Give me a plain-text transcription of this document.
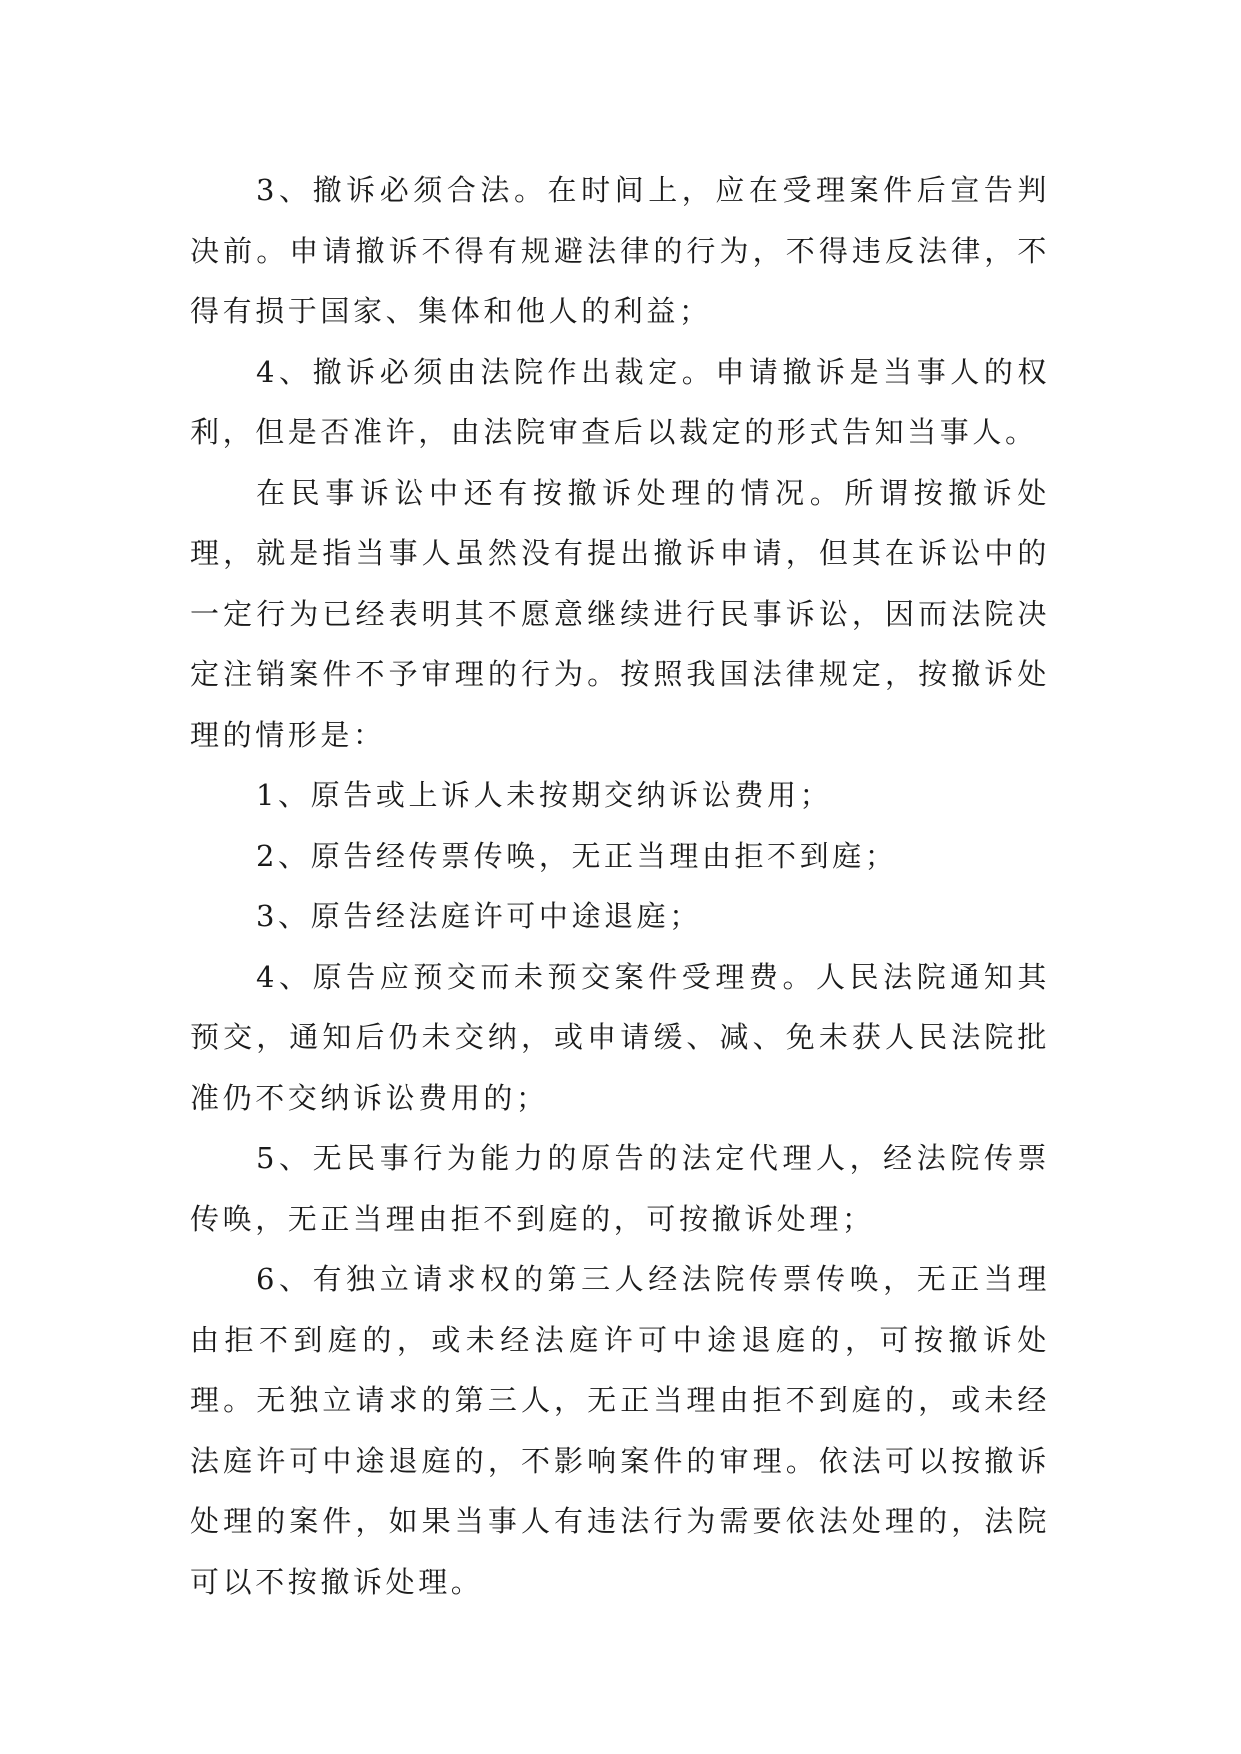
3、撤诉必须合法。在时间上，应在受理案件后宣告判决前。申请撤诉不得有规避法律的行为，不得违反法律，不得有损于国家、集体和他人的利益；

4、撤诉必须由法院作出裁定。申请撤诉是当事人的权利，但是否准许，由法院审查后以裁定的形式告知当事人。

在民事诉讼中还有按撤诉处理的情况。所谓按撤诉处理，就是指当事人虽然没有提出撤诉申请，但其在诉讼中的一定行为已经表明其不愿意继续进行民事诉讼，因而法院决定注销案件不予审理的行为。按照我国法律规定，按撤诉处理的情形是：

1、原告或上诉人未按期交纳诉讼费用；

2、原告经传票传唤，无正当理由拒不到庭；

3、原告经法庭许可中途退庭；

4、原告应预交而未预交案件受理费。人民法院通知其预交，通知后仍未交纳，或申请缓、减、免未获人民法院批准仍不交纳诉讼费用的；

5、无民事行为能力的原告的法定代理人，经法院传票传唤，无正当理由拒不到庭的，可按撤诉处理；

6、有独立请求权的第三人经法院传票传唤，无正当理由拒不到庭的，或未经法庭许可中途退庭的，可按撤诉处理。无独立请求的第三人，无正当理由拒不到庭的，或未经法庭许可中途退庭的，不影响案件的审理。依法可以按撤诉处理的案件，如果当事人有违法行为需要依法处理的，法院可以不按撤诉处理。
